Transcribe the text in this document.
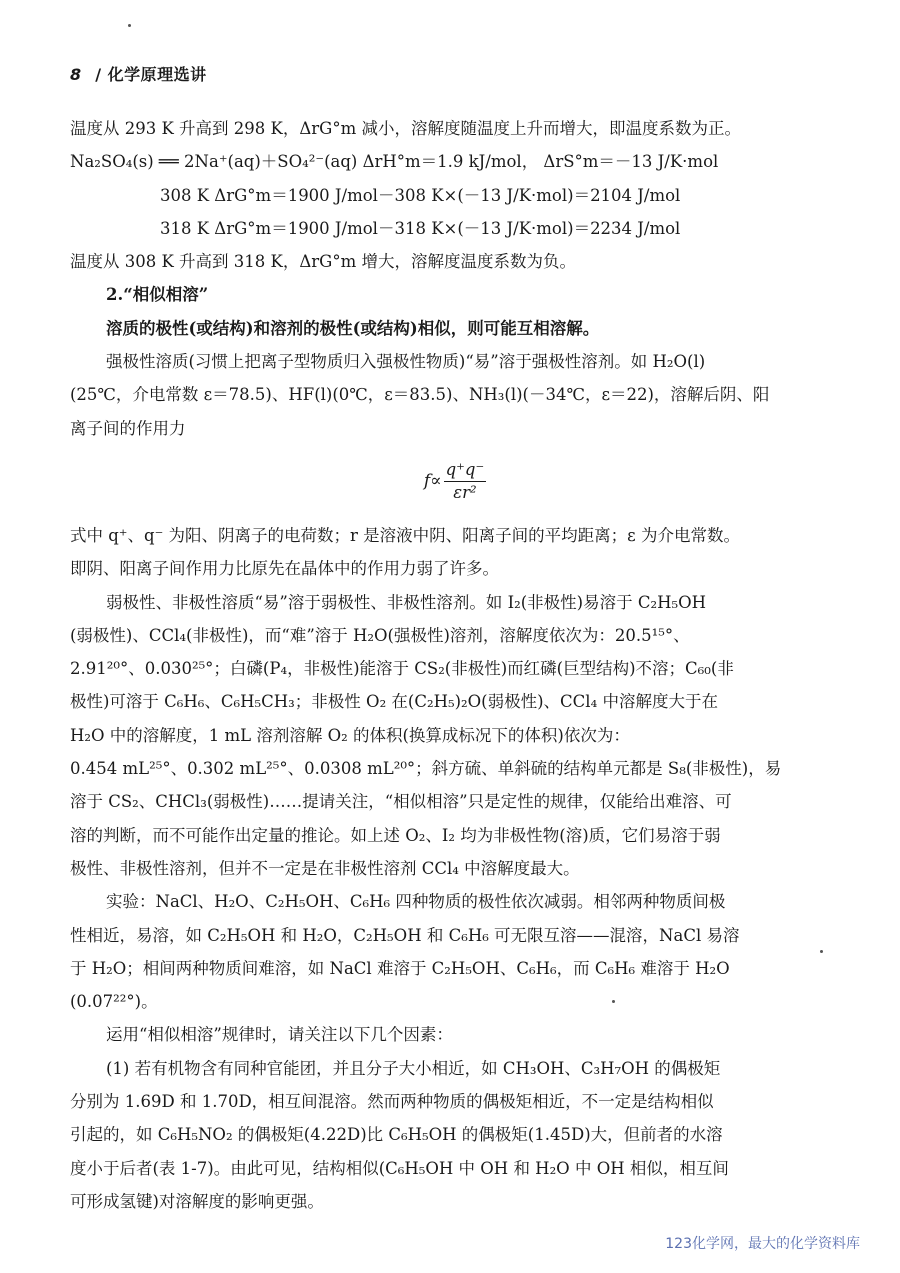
8 / 化学原理选讲
温度从 293 K 升高到 298 K，ΔrG°m 减小，溶解度随温度上升而增大，即温度系数为正。
Na₂SO₄(s) ══
2Na⁺(aq)＋SO₄²⁻(aq) ΔrH°m＝1.9 kJ/mol， ΔrS°m＝－13 J/K·mol
308 K ΔrG°m＝1900 J/mol－308 K×(－13 J/K·mol)＝2104 J/mol
318 K ΔrG°m＝1900 J/mol－318 K×(－13 J/K·mol)＝2234 J/mol
温度从 308 K 升高到 318 K，ΔrG°m 增大，溶解度温度系数为负。
2.“相似相溶”
溶质的极性(或结构)和溶剂的极性(或结构)相似，则可能互相溶解。
强极性溶质(习惯上把离子型物质归入强极性物质)“易”溶于强极性溶剂。如 H₂O(l)
(25℃，介电常数 ε＝78.5)、HF(l)(0℃，ε＝83.5)、NH₃(l)(－34℃，ε＝22)，溶解后阴、阳
离子间的作用力
$f\propto \frac{q^+q^-}{\text{εr²}}$
式中 q⁺、q⁻ 为阳、阴离子的电荷数；r 是溶液中阴、阳离子间的平均距离；ε 为介电常数。
即阴、阳离子间作用力比原先在晶体中的作用力弱了许多。
弱极性、非极性溶质“易”溶于弱极性、非极性溶剂。如 I₂(非极性)易溶于 C₂H₅OH
(弱极性)、CCl₄(非极性)，而“难”溶于 H₂O(强极性)溶剂，溶解度依次为：20.5¹⁵°、
2.91²⁰°、0.030²⁵°；白磷(P₄，非极性)能溶于 CS₂(非极性)而红磷(巨型结构)不溶；C₆₀(非
极性)可溶于 C₆H₆、C₆H₅CH₃；非极性 O₂ 在(C₂H₅)₂O(弱极性)、CCl₄ 中溶解度大于在
H₂O 中的溶解度，1 mL 溶剂溶解 O₂ 的体积(换算成标况下的体积)依次为：
0.454 mL²⁵°、0.302 mL²⁵°、0.0308 mL²⁰°；斜方硫、单斜硫的结构单元都是 S₈(非极性)，易
溶于 CS₂、CHCl₃(弱极性)……提请关注，“相似相溶”只是定性的规律，仅能给出难溶、可
溶的判断，而不可能作出定量的推论。如上述 O₂、I₂ 均为非极性物(溶)质，它们易溶于弱
极性、非极性溶剂，但并不一定是在非极性溶剂 CCl₄ 中溶解度最大。
实验：NaCl、H₂O、C₂H₅OH、C₆H₆ 四种物质的极性依次减弱。相邻两种物质间极
性相近，易溶，如 C₂H₅OH 和 H₂O，C₂H₅OH 和 C₆H₆ 可无限互溶——混溶，NaCl 易溶
于 H₂O；相间两种物质间难溶，如 NaCl 难溶于 C₂H₅OH、C₆H₆，而 C₆H₆ 难溶于 H₂O
(0.07²²°)。
运用“相似相溶”规律时，请关注以下几个因素：
(1) 若有机物含有同种官能团，并且分子大小相近，如 CH₃OH、C₃H₇OH 的偶极矩
分别为 1.69D 和 1.70D，相互间混溶。然而两种物质的偶极矩相近，不一定是结构相似
引起的，如 C₆H₅NO₂ 的偶极矩(4.22D)比 C₆H₅OH 的偶极矩(1.45D)大，但前者的水溶
度小于后者(表 1-7)。由此可见，结构相似(C₆H₅OH 中 OH 和 H₂O 中 OH 相似，相互间
可形成氢键)对溶解度的影响更强。
123化学网，最大的化学资料库
